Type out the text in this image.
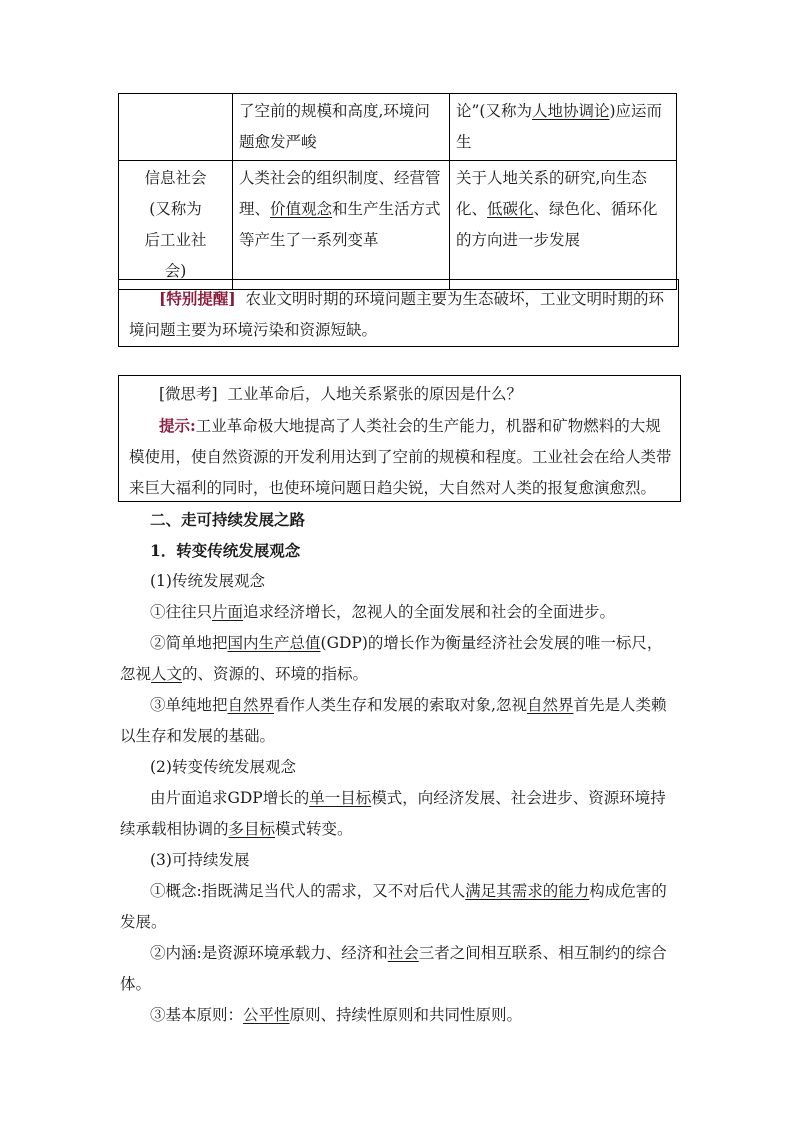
	了空前的规模和高度,环境问题愈发严峻	论”(又称为人地协调论)应运而生
信息社会(又称为后工业社会)	人类社会的组织制度、经营管理、价值观念和生产生活方式等产生了一系列变革	关于人地关系的研究,向生态化、低碳化、绿色化、循环化的方向进一步发展
[特别提醒] 农业文明时期的环境问题主要为生态破坏，工业文明时期的环境问题主要为环境污染和资源短缺。
[微思考] 工业革命后，人地关系紧张的原因是什么？
提示:工业革命极大地提高了人类社会的生产能力，机器和矿物燃料的大规模使用，使自然资源的开发利用达到了空前的规模和程度。工业社会在给人类带来巨大福利的同时，也使环境问题日趋尖锐，大自然对人类的报复愈演愈烈。

二、走可持续发展之路

1．转变传统发展观念

(1)传统发展观念

①往往只片面追求经济增长，忽视人的全面发展和社会的全面进步。

②简单地把国内生产总值(GDP)的增长作为衡量经济社会发展的唯一标尺，忽视人文的、资源的、环境的指标。

③单纯地把自然界看作人类生存和发展的索取对象,忽视自然界首先是人类赖以生存和发展的基础。

(2)转变传统发展观念

由片面追求GDP增长的单一目标模式，向经济发展、社会进步、资源环境持续承载相协调的多目标模式转变。

(3)可持续发展

①概念:指既满足当代人的需求，又不对后代人满足其需求的能力构成危害的发展。

②内涵:是资源环境承载力、经济和社会三者之间相互联系、相互制约的综合体。

③基本原则：公平性原则、持续性原则和共同性原则。
